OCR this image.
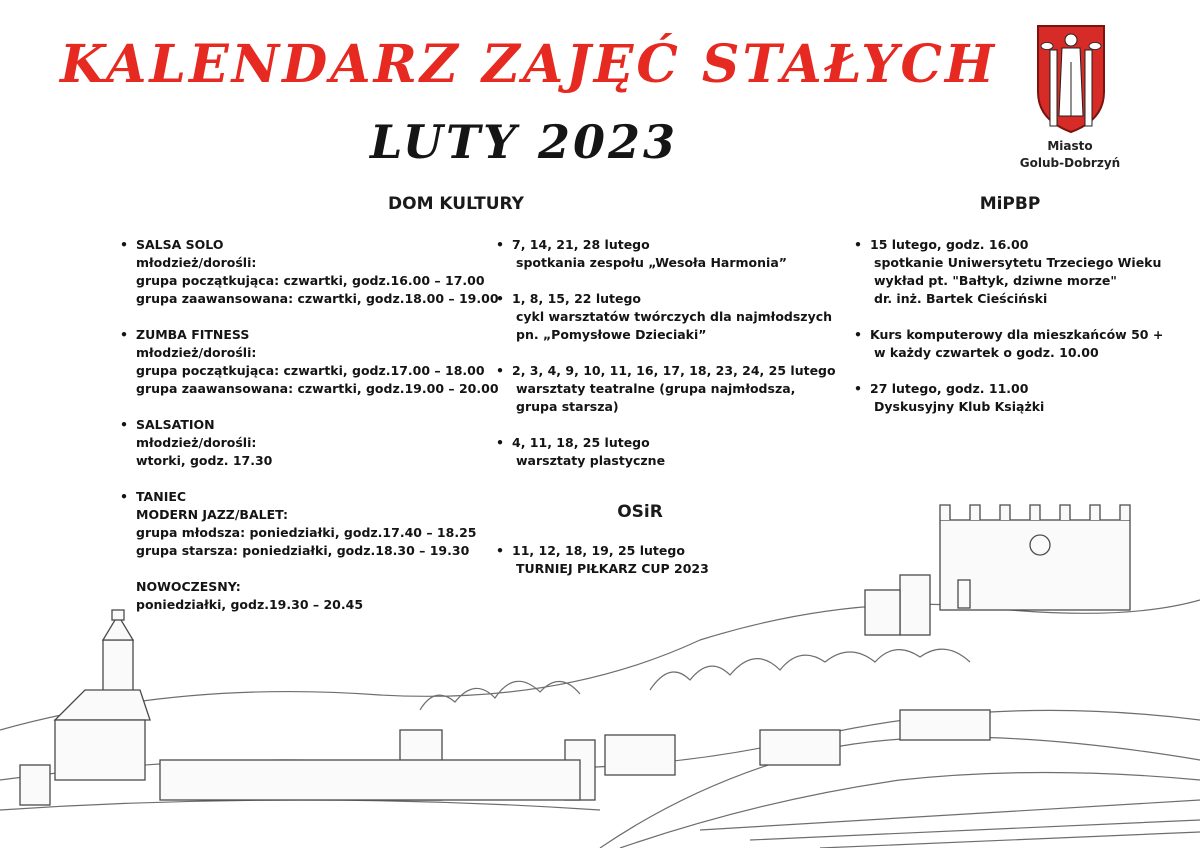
KALENDARZ ZAJĘĆ STAŁYCH
LUTY 2023	Miasto
Golub-Dobrzyń
DOM KULTURY	MiPBP
OSiR
• SALSA SOLO
młodzież/dorośli:
grupa początkująca: czwartki, godz.16.00 – 17.00
grupa zaawansowana: czwartki, godz.18.00 – 19.00
• ZUMBA FITNESS
młodzież/dorośli:
grupa początkująca: czwartki, godz.17.00 – 18.00
grupa zaawansowana: czwartki, godz.19.00 – 20.00
• SALSATION
młodzież/dorośli:
wtorki, godz. 17.30
• TANIEC
MODERN JAZZ/BALET:
grupa młodsza: poniedziałki, godz.17.40 – 18.25
grupa starsza: poniedziałki, godz.18.30 – 19.30
NOWOCZESNY:
poniedziałki, godz.19.30 – 20.45
• 7, 14, 21, 28 lutego
spotkania zespołu „Wesoła Harmonia”
• 1, 8, 15, 22 lutego
cykl warsztatów twórczych dla najmłodszych
pn. „Pomysłowe Dzieciaki”
• 2, 3, 4, 9, 10, 11, 16, 17, 18, 23, 24, 25 lutego
warsztaty teatralne (grupa najmłodsza,
grupa starsza)
• 4, 11, 18, 25 lutego
warsztaty plastyczne
• 11, 12, 18, 19, 25 lutego
TURNIEJ PIŁKARZ CUP 2023
• 15 lutego, godz. 16.00
spotkanie Uniwersytetu Trzeciego Wieku
wykład pt. "Bałtyk, dziwne morze"
dr. inż. Bartek Cieściński
• Kurs komputerowy dla mieszkańców 50 +
w każdy czwartek o godz. 10.00
• 27 lutego, godz. 11.00
Dyskusyjny Klub Książki
